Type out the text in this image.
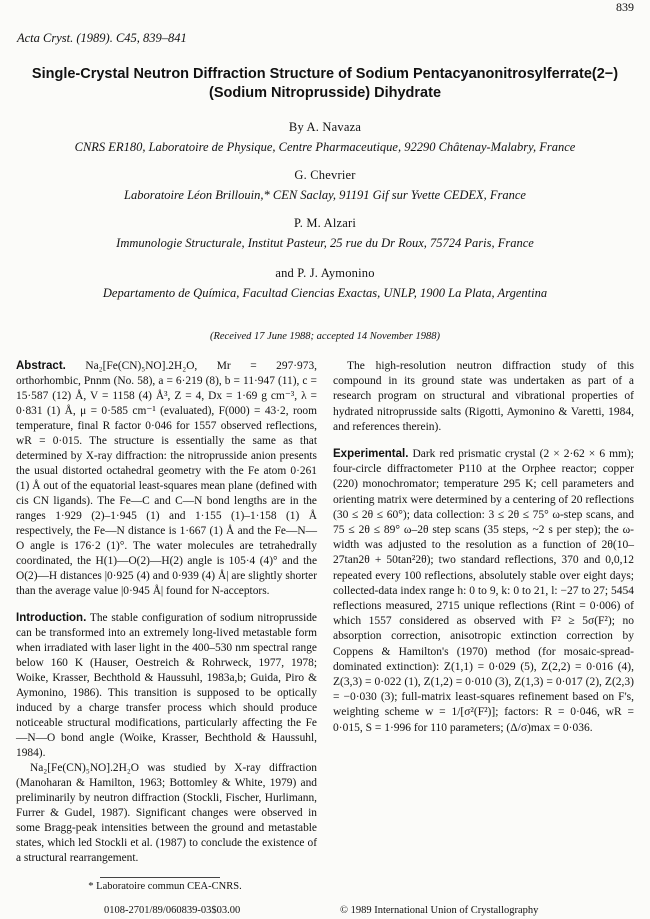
839
Acta Cryst. (1989). C45, 839–841
Single-Crystal Neutron Diffraction Structure of Sodium Pentacyanonitrosylferrate(2−)
(Sodium Nitroprusside) Dihydrate
By A. Navaza
CNRS ER180, Laboratoire de Physique, Centre Pharmaceutique, 92290 Châtenay-Malabry, France
G. Chevrier
Laboratoire Léon Brillouin,* CEN Saclay, 91191 Gif sur Yvette CEDEX, France
P. M. Alzari
Immunologie Structurale, Institut Pasteur, 25 rue du Dr Roux, 75724 Paris, France
and P. J. Aymonino
Departamento de Química, Facultad Ciencias Exactas, UNLP, 1900 La Plata, Argentina
(Received 17 June 1988; accepted 14 November 1988)

Abstract. Na₂[Fe(CN)₅NO].2H₂O, Mr = 297·973, orthorhombic, Pnnm (No. 58), a = 6·219 (8), b = 11·947 (11), c = 15·587 (12) Å, V = 1158 (4) Å³, Z = 4, Dx = 1·69 g cm⁻³, λ = 0·831 (1) Å, μ = 0·585 cm⁻¹ (evaluated), F(000) = 43·2, room temperature, final R factor 0·046 for 1557 observed reflections, wR = 0·015. The structure is essentially the same as that determined by X-ray diffraction: the nitroprusside anion presents the usual distorted octahedral geometry with the Fe atom 0·261 (1) Å out of the equatorial least-squares mean plane (defined with cis CN ligands). The Fe—C and C—N bond lengths are in the ranges 1·929 (2)–1·945 (1) and 1·155 (1)–1·158 (1) Å respectively, the Fe—N distance is 1·667 (1) Å and the Fe—N—O angle is 176·2 (1)°. The water molecules are tetrahedrally coordinated, the H(1)—O(2)—H(2) angle is 105·4 (4)° and the O(2)—H distances |0·925 (4) and 0·939 (4) Å| are slightly shorter than the average value |0·945 Å| found for N-acceptors.

Introduction. The stable configuration of sodium nitroprusside can be transformed into an extremely long-lived metastable form when irradiated with laser light in the 400–530 nm spectral range below 160 K (Hauser, Oestreich & Rohrweck, 1977, 1978; Woike, Krasser, Bechthold & Haussuhl, 1983a,b; Guida, Piro & Aymonino, 1986). This transition is supposed to be optically induced by a charge transfer process which should produce noticeable structural modifications, particularly affecting the Fe—N—O bond angle (Woike, Krasser, Bechthold & Haussuhl, 1984).

Na₂[Fe(CN)₅NO].2H₂O was studied by X-ray diffraction (Manoharan & Hamilton, 1963; Bottomley & White, 1979) and preliminarily by neutron diffraction (Stockli, Fischer, Hurlimann, Furrer & Gudel, 1987). Significant changes were observed in some Bragg-peak intensities between the ground and metastable states, which led Stockli et al. (1987) to conclude the existence of a structural rearrangement.

The high-resolution neutron diffraction study of this compound in its ground state was undertaken as part of a research program on structural and vibrational properties of hydrated nitroprusside salts (Rigotti, Aymonino & Varetti, 1984, and references therein).

Experimental. Dark red prismatic crystal (2 × 2·62 × 6 mm); four-circle diffractometer P110 at the Orphee reactor; copper (220) monochromator; temperature 295 K; cell parameters and orienting matrix were determined by a centering of 20 reflections (30 ≤ 2θ ≤ 60°); data collection: 3 ≤ 2θ ≤ 75° ω-step scans, and 75 ≤ 2θ ≤ 89° ω–2θ step scans (35 steps, ~2 s per step); the ω-width was adjusted to the resolution as a function of 2θ(10–27tan2θ + 50tan²2θ); two standard reflections, 370 and 0,0,12 repeated every 100 reflections, absolutely stable over eight days; collected-data index range h: 0 to 9, k: 0 to 21, l: −27 to 27; 5454 reflections measured, 2715 unique reflections (Rint = 0·006) of which 1557 considered as observed with F² ≥ 5σ(F²); no absorption correction, anisotropic extinction correction by Coppens & Hamilton's (1970) method (for mosaic-spread-dominated extinction): Z(1,1) = 0·029 (5), Z(2,2) = 0·016 (4), Z(3,3) = 0·022 (1), Z(1,2) = 0·010 (3), Z(1,3) = 0·017 (2), Z(2,3) = −0·030 (3); full-matrix least-squares refinement based on F's, weighting scheme w = 1/[σ²(F²)]; factors: R = 0·046, wR = 0·015, S = 1·996 for 110 parameters; (Δ/σ)max = 0·036.

* Laboratoire commun CEA-CNRS.
0108-2701/89/060839-03$03.00	© 1989 International Union of Crystallography
